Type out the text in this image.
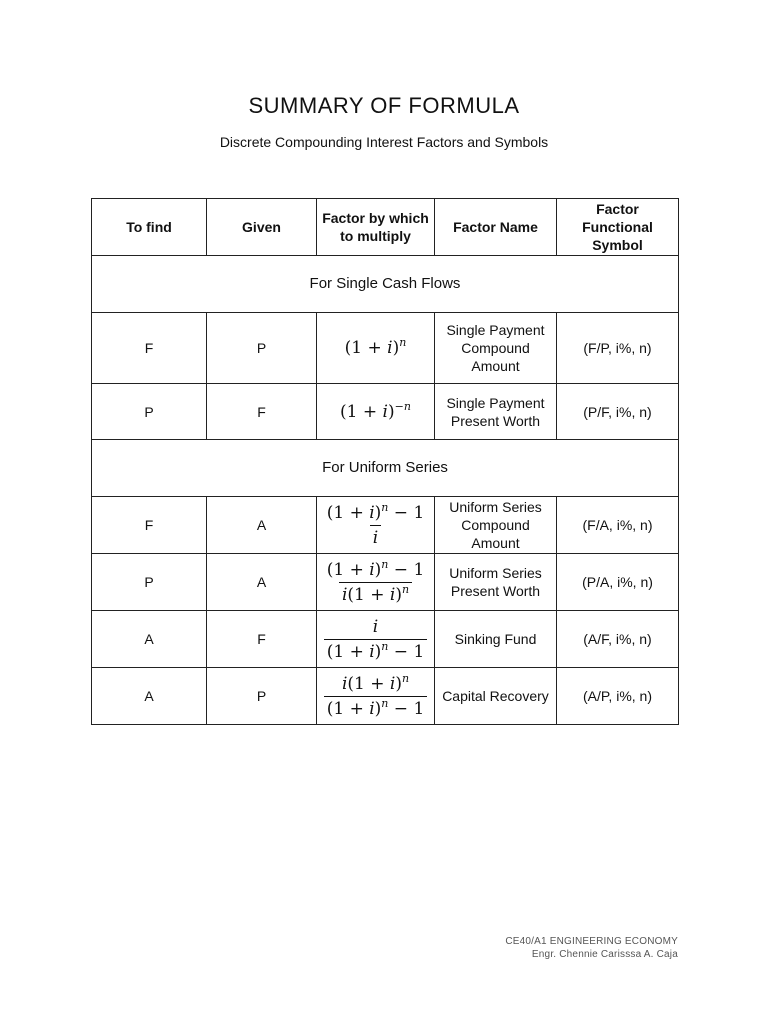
SUMMARY OF FORMULA
Discrete Compounding Interest Factors and Symbols
To find	Given	Factor by which to multiply	Factor Name	Factor Functional Symbol
For Single Cash Flows				
F	P	$(1 + i)^n$	Single Payment Compound Amount	(F/P, i%, n)
P	F	$(1 + i)^{-n}$	Single Payment Present Worth	(P/F, i%, n)
For Uniform Series				
F	A	$\frac{(1 + i)^n - 1}{i}$	Uniform Series Compound Amount	(F/A, i%, n)
P	A	$\frac{(1 + i)^n - 1}{i(1 + i)^n}$	Uniform Series Present Worth	(P/A, i%, n)
A	F	$\frac{i}{(1 + i)^n - 1}$	Sinking Fund	(A/F, i%, n)
A	P	$\frac{i(1 + i)^n}{(1 + i)^n - 1}$	Capital Recovery	(A/P, i%, n)
CE40/A1 ENGINEERING ECONOMY
Engr. Chennie Carisssa A. Caja
